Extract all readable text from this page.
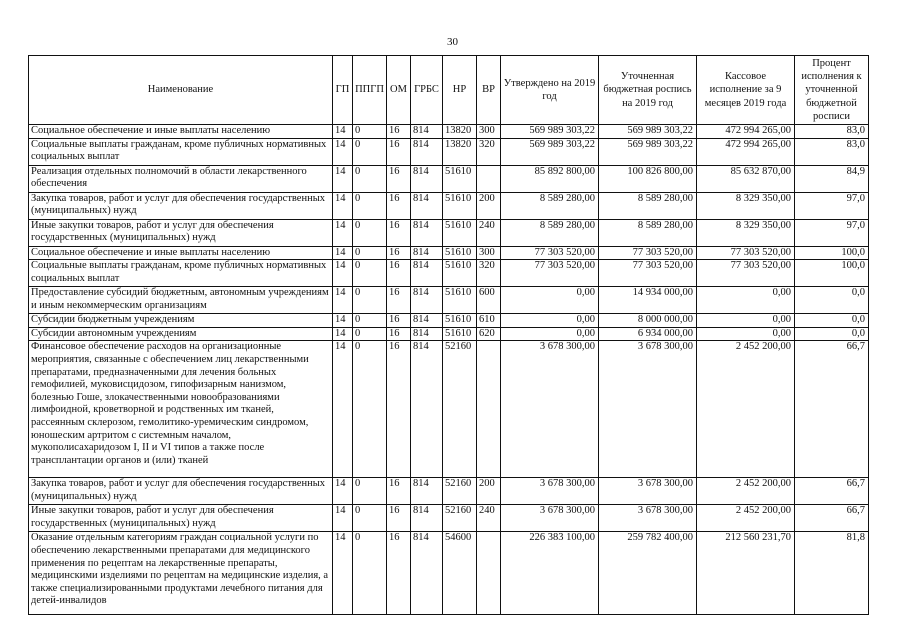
30
Наименование	ГП	ППГП	ОМ	ГРБС	НР	ВР	Утверждено на 2019 год	Уточненная бюджетная роспись на 2019 год	Кассовое исполнение за 9 месяцев 2019 года	Процент исполнения к уточненной бюджетной росписи
Социальное обеспечение и иные выплаты населению	14	0	16	814	13820	300	569 989 303,22	569 989 303,22	472 994 265,00	83,0
Социальные выплаты гражданам, кроме публичных нормативных социальных выплат	14	0	16	814	13820	320	569 989 303,22	569 989 303,22	472 994 265,00	83,0
Реализация отдельных полномочий в области лекарственного обеспечения	14	0	16	814	51610		85 892 800,00	100 826 800,00	85 632 870,00	84,9
Закупка товаров, работ и услуг для обеспечения государственных (муниципальных) нужд	14	0	16	814	51610	200	8 589 280,00	8 589 280,00	8 329 350,00	97,0
Иные закупки товаров, работ и услуг для обеспечения государственных (муниципальных) нужд	14	0	16	814	51610	240	8 589 280,00	8 589 280,00	8 329 350,00	97,0
Социальное обеспечение и иные выплаты населению	14	0	16	814	51610	300	77 303 520,00	77 303 520,00	77 303 520,00	100,0
Социальные выплаты гражданам, кроме публичных нормативных социальных выплат	14	0	16	814	51610	320	77 303 520,00	77 303 520,00	77 303 520,00	100,0
Предоставление субсидий бюджетным, автономным учреждениям и иным некоммерческим организациям	14	0	16	814	51610	600	0,00	14 934 000,00	0,00	0,0
Субсидии бюджетным учреждениям	14	0	16	814	51610	610	0,00	8 000 000,00	0,00	0,0
Субсидии автономным учреждениям	14	0	16	814	51610	620	0,00	6 934 000,00	0,00	0,0
Финансовое обеспечение расходов на организационные мероприятия, связанные с обеспечением лиц лекарственными препаратами, предназначенными для лечения больных гемофилией, муковисцидозом, гипофизарным нанизмом, болезнью Гоше, злокачественными новообразованиями лимфоидной, кроветворной и родственных им тканей, рассеянным склерозом, гемолитико-уремическим синдромом, юношеским артритом с системным началом, мукополисахаридозом I, II и VI типов а также после трансплантации органов и (или) тканей	14	0	16	814	52160		3 678 300,00	3 678 300,00	2 452 200,00	66,7
Закупка товаров, работ и услуг для обеспечения государственных (муниципальных) нужд	14	0	16	814	52160	200	3 678 300,00	3 678 300,00	2 452 200,00	66,7
Иные закупки товаров, работ и услуг для обеспечения государственных (муниципальных) нужд	14	0	16	814	52160	240	3 678 300,00	3 678 300,00	2 452 200,00	66,7
Оказание отдельным категориям граждан социальной услуги по обеспечению лекарственными препаратами для медицинского применения по рецептам на лекарственные препараты, медицинскими изделиями по рецептам на медицинские изделия, а также специализированными продуктами лечебного питания для детей-инвалидов	14	0	16	814	54600		226 383 100,00	259 782 400,00	212 560 231,70	81,8
